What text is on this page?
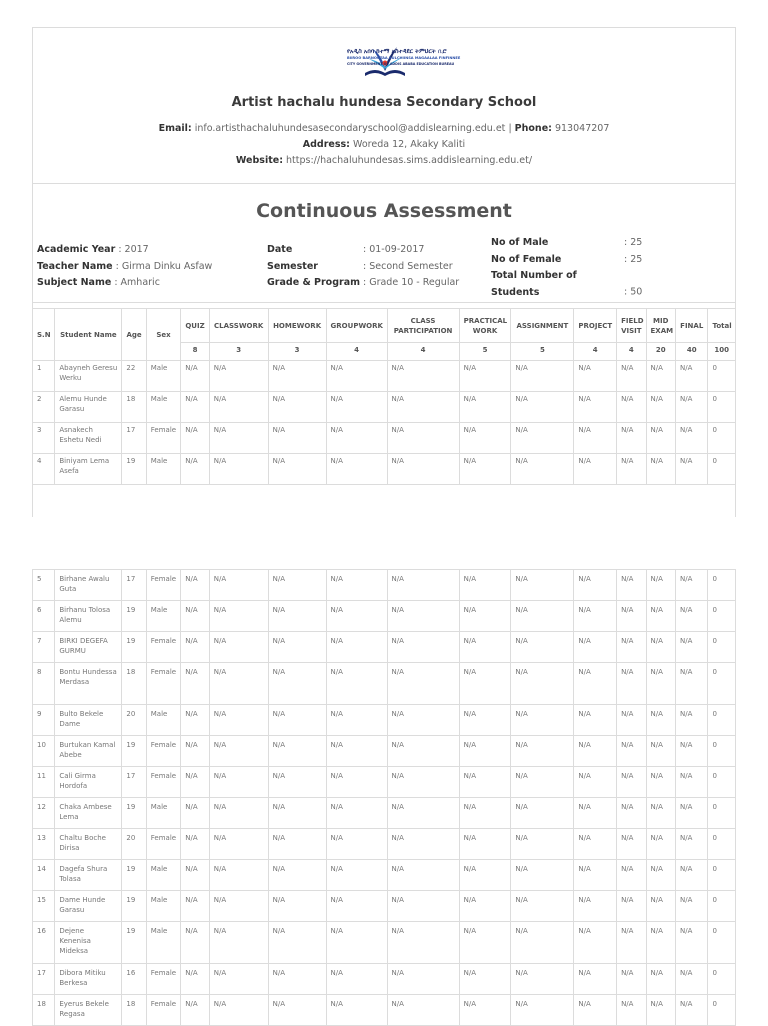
የአዲስ አበባ ከተማ አስተዳደር ትምህርት ቢሮ
BIIROO BARNOOTAA BULCHIINSA MAGAALAA FINFINNEE
CITY GOVERNMENT OF ADDIS ABABA EDUCATION BUREAU
Artist hachalu hundesa Secondary School
Email: info.artisthachaluhundesasecondaryschool@addislearning.edu.et | Phone: 913047207
Address: Woreda 12, Akaky Kaliti
Website: https://hachaluhundesas.sims.addislearning.edu.et/
Continuous Assessment
Academic Year : 2017
Teacher Name : Girma Dinku Asfaw
Subject Name : Amharic
Date	: 01-09-2017
Semester	: Second Semester
Grade & Program : Grade 10 - Regular
No of Male	: 25
No of Female	: 25
Total Number of Students	: 50
S.N	Student Name	Age	Sex	QUIZ	CLASSWORK	HOMEWORK	GROUPWORK	CLASS PARTICIPATION	PRACTICAL WORK	ASSIGNMENT	PROJECT	FIELD VISIT	MID EXAM	FINAL	Total
				8	3	3	4	4	5	5	4	4	20	40	100
1	Abayneh Geresu Werku	22	Male	N/A	N/A	N/A	N/A	N/A	N/A	N/A	N/A	N/A	N/A	N/A	0
2	Alemu Hunde Garasu	18	Male	N/A	N/A	N/A	N/A	N/A	N/A	N/A	N/A	N/A	N/A	N/A	0
3	Asnakech Eshetu Nedi	17	Female	N/A	N/A	N/A	N/A	N/A	N/A	N/A	N/A	N/A	N/A	N/A	0
4	Biniyam Lema Asefa	19	Male	N/A	N/A	N/A	N/A	N/A	N/A	N/A	N/A	N/A	N/A	N/A	0
5	Birhane Awalu Guta	17	Female	N/A	N/A	N/A	N/A	N/A	N/A	N/A	N/A	N/A	N/A	N/A	0
6	Birhanu Tolosa Alemu	19	Male	N/A	N/A	N/A	N/A	N/A	N/A	N/A	N/A	N/A	N/A	N/A	0
7	BIRKI DEGEFA GURMU	19	Female	N/A	N/A	N/A	N/A	N/A	N/A	N/A	N/A	N/A	N/A	N/A	0
8	Bontu Hundessa Merdasa	18	Female	N/A	N/A	N/A	N/A	N/A	N/A	N/A	N/A	N/A	N/A	N/A	0
9	Bulto Bekele Dame	20	Male	N/A	N/A	N/A	N/A	N/A	N/A	N/A	N/A	N/A	N/A	N/A	0
10	Burtukan Kamal Abebe	19	Female	N/A	N/A	N/A	N/A	N/A	N/A	N/A	N/A	N/A	N/A	N/A	0
11	Cali Girma Hordofa	17	Female	N/A	N/A	N/A	N/A	N/A	N/A	N/A	N/A	N/A	N/A	N/A	0
12	Chaka Ambese Lema	19	Male	N/A	N/A	N/A	N/A	N/A	N/A	N/A	N/A	N/A	N/A	N/A	0
13	Chaltu Boche Dirisa	20	Female	N/A	N/A	N/A	N/A	N/A	N/A	N/A	N/A	N/A	N/A	N/A	0
14	Dagefa Shura Tolasa	19	Male	N/A	N/A	N/A	N/A	N/A	N/A	N/A	N/A	N/A	N/A	N/A	0
15	Dame Hunde Garasu	19	Male	N/A	N/A	N/A	N/A	N/A	N/A	N/A	N/A	N/A	N/A	N/A	0
16	Dejene Kenenisa Mideksa	19	Male	N/A	N/A	N/A	N/A	N/A	N/A	N/A	N/A	N/A	N/A	N/A	0
17	Dibora Mitiku Berkesa	16	Female	N/A	N/A	N/A	N/A	N/A	N/A	N/A	N/A	N/A	N/A	N/A	0
18	Eyerus Bekele Regasa	18	Female	N/A	N/A	N/A	N/A	N/A	N/A	N/A	N/A	N/A	N/A	N/A	0
